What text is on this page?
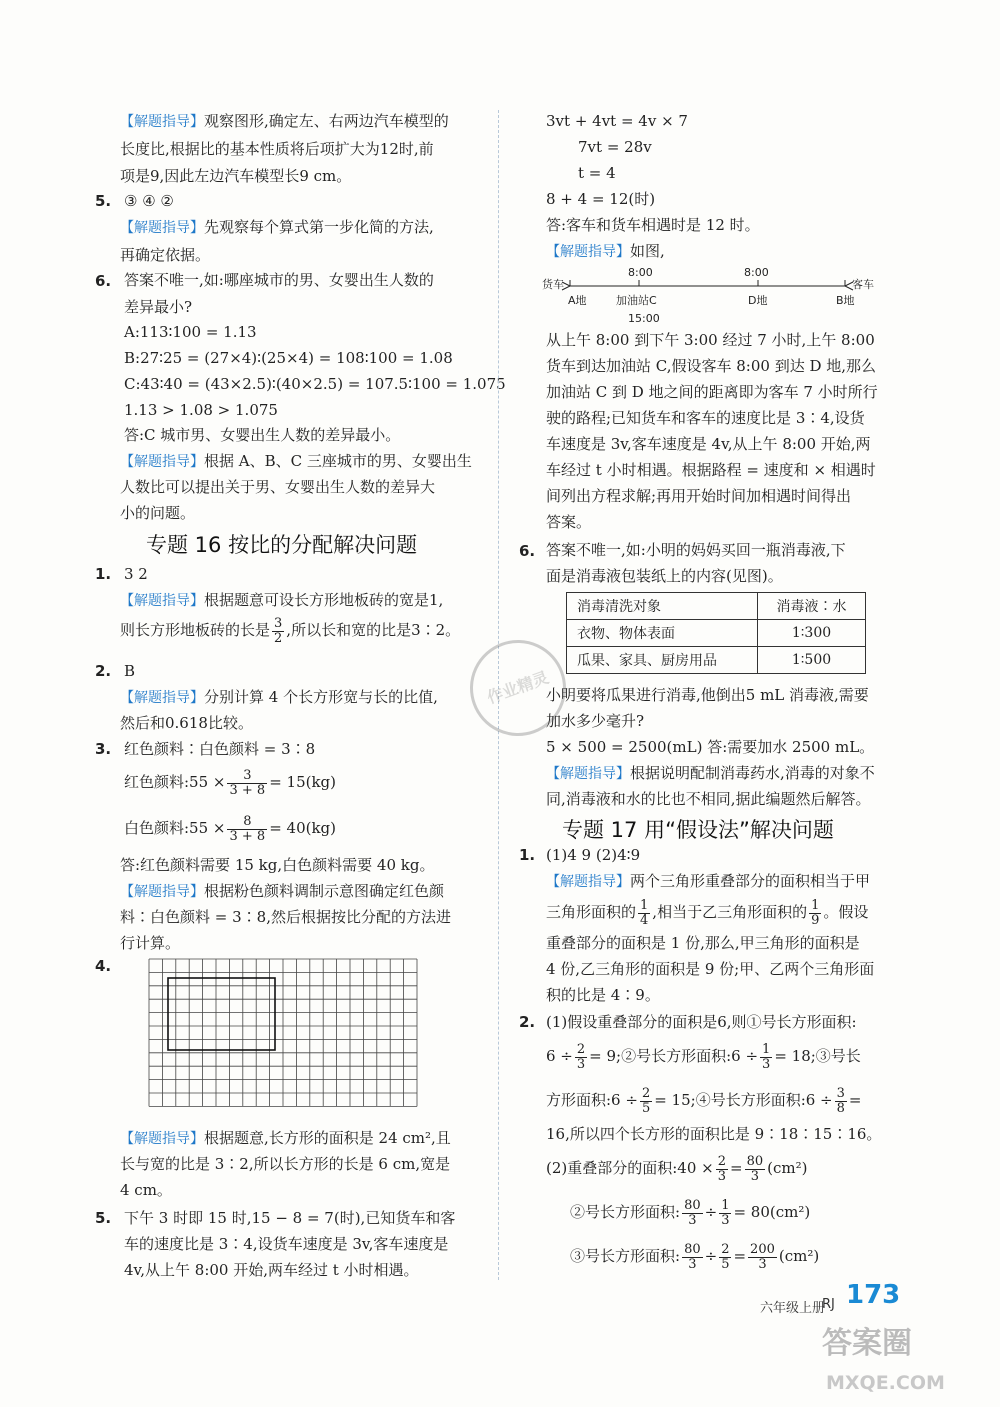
【解题指导】观察图形,确定左、右两边汽车模型的
长度比,根据比的基本性质将后项扩大为12时,前
项是9,因此左边汽车模型长9 cm。
5. ③ ④ ②
【解题指导】先观察每个算式第一步化简的方法,
再确定依据。
6. 答案不唯一,如:哪座城市的男、女婴出生人数的
差异最小?
A:113∶100 = 1.13
B:27∶25 = (27×4)∶(25×4) = 108∶100 = 1.08
C:43∶40 = (43×2.5)∶(40×2.5) = 107.5∶100 = 1.075
1.13 > 1.08 > 1.075
答:C 城市男、女婴出生人数的差异最小。
【解题指导】根据 A、B、C 三座城市的男、女婴出生
人数比可以提出关于男、女婴出生人数的差异大
小的问题。
专题 16 按比的分配解决问题
1. 3 2
【解题指导】根据题意可设长方形地板砖的宽是1,
则长方形地板砖的长是 $\frac{3}{2}$ ,所以长和宽的比是3∶2。
2. B
【解题指导】分别计算 4 个长方形宽与长的比值,
然后和0.618比较。
3. 红色颜料∶白色颜料 = 3∶8
红色颜料:55 × $\frac{3}{3 + 8} = 15(kg)$
白色颜料:55 × $\frac{8}{3 + 8} = 40(kg)$
答:红色颜料需要 15 kg,白色颜料需要 40 kg。
【解题指导】根据粉色颜料调制示意图确定红色颜
料∶白色颜料 = 3∶8,然后根据按比分配的方法进
行计算。
4.
【解题指导】根据题意,长方形的面积是 24 cm²,且
长与宽的比是 3∶2,所以长方形的长是 6 cm,宽是
4 cm。
5. 下午 3 时即 15 时,15 − 8 = 7(时),已知货车和客
车的速度比是 3∶4,设货车速度是 3v,客车速度是
4v,从上午 8:00 开始,两车经过 t 小时相遇。
3vt + 4vt = 4v × 7
7vt = 28v
t = 4
8 + 4 = 12(时)
答:客车和货车相遇时是 12 时。
【解题指导】如图,
货车	客车
8:00	8:00
15:00
A地	加油站C	D地	B地
从上午 8:00 到下午 3:00 经过 7 小时,上午 8:00
货车到达加油站 C,假设客车 8:00 到达 D 地,那么
加油站 C 到 D 地之间的距离即为客车 7 小时所行
驶的路程;已知货车和客车的速度比是 3∶4,设货
车速度是 3v,客车速度是 4v,从上午 8:00 开始,两
车经过 t 小时相遇。根据路程 = 速度和 × 相遇时
间列出方程求解;再用开始时间加相遇时间得出
答案。
6. 答案不唯一,如:小明的妈妈买回一瓶消毒液,下
面是消毒液包装纸上的内容(见图)。
消毒清洗对象	消毒液∶水
衣物、物体表面	1∶300
瓜果、家具、厨房用品	1∶500
小明要将瓜果进行消毒,他倒出5 mL 消毒液,需要
加水多少毫升?
5 × 500 = 2500(mL) 答:需要加水 2500 mL。
【解题指导】根据说明配制消毒药水,消毒的对象不
同,消毒液和水的比也不相同,据此编题然后解答。
专题 17 用“假设法”解决问题
1. (1)4 9 (2)4∶9
【解题指导】两个三角形重叠部分的面积相当于甲
三角形面积的 $\frac{1}{4}$ ,相当于乙三角形面积的 $\frac{1}{9}$ 。假设
重叠部分的面积是 1 份,那么,甲三角形的面积是
4 份,乙三角形的面积是 9 份;甲、乙两个三角形面
积的比是 4∶9。
2. (1)假设重叠部分的面积是6,则①号长方形面积:
$6 \div \frac{2}{3}$ = 9;②号长方形面积:6 ÷ $\frac{1}{3}$ = 18;③号长
方形面积:6 ÷ $\frac{2}{5}$ = 15;④号长方形面积:6 ÷ $\frac{3}{8}$ =
16,所以四个长方形的面积比是 9∶18∶15∶16。
(2)重叠部分的面积:40 × $\frac{2}{3} = \frac{80}{3} (cm^2)$
②号长方形面积: $\frac{80}{3} \div \frac{1}{3} = 80(cm^2)$
③号长方形面积: $\frac{80}{3} \div \frac{2}{5} = \frac{200}{3} (cm^2)$
作业精灵
六年级上册
RJ 173
答案圈
MXQE.COM
